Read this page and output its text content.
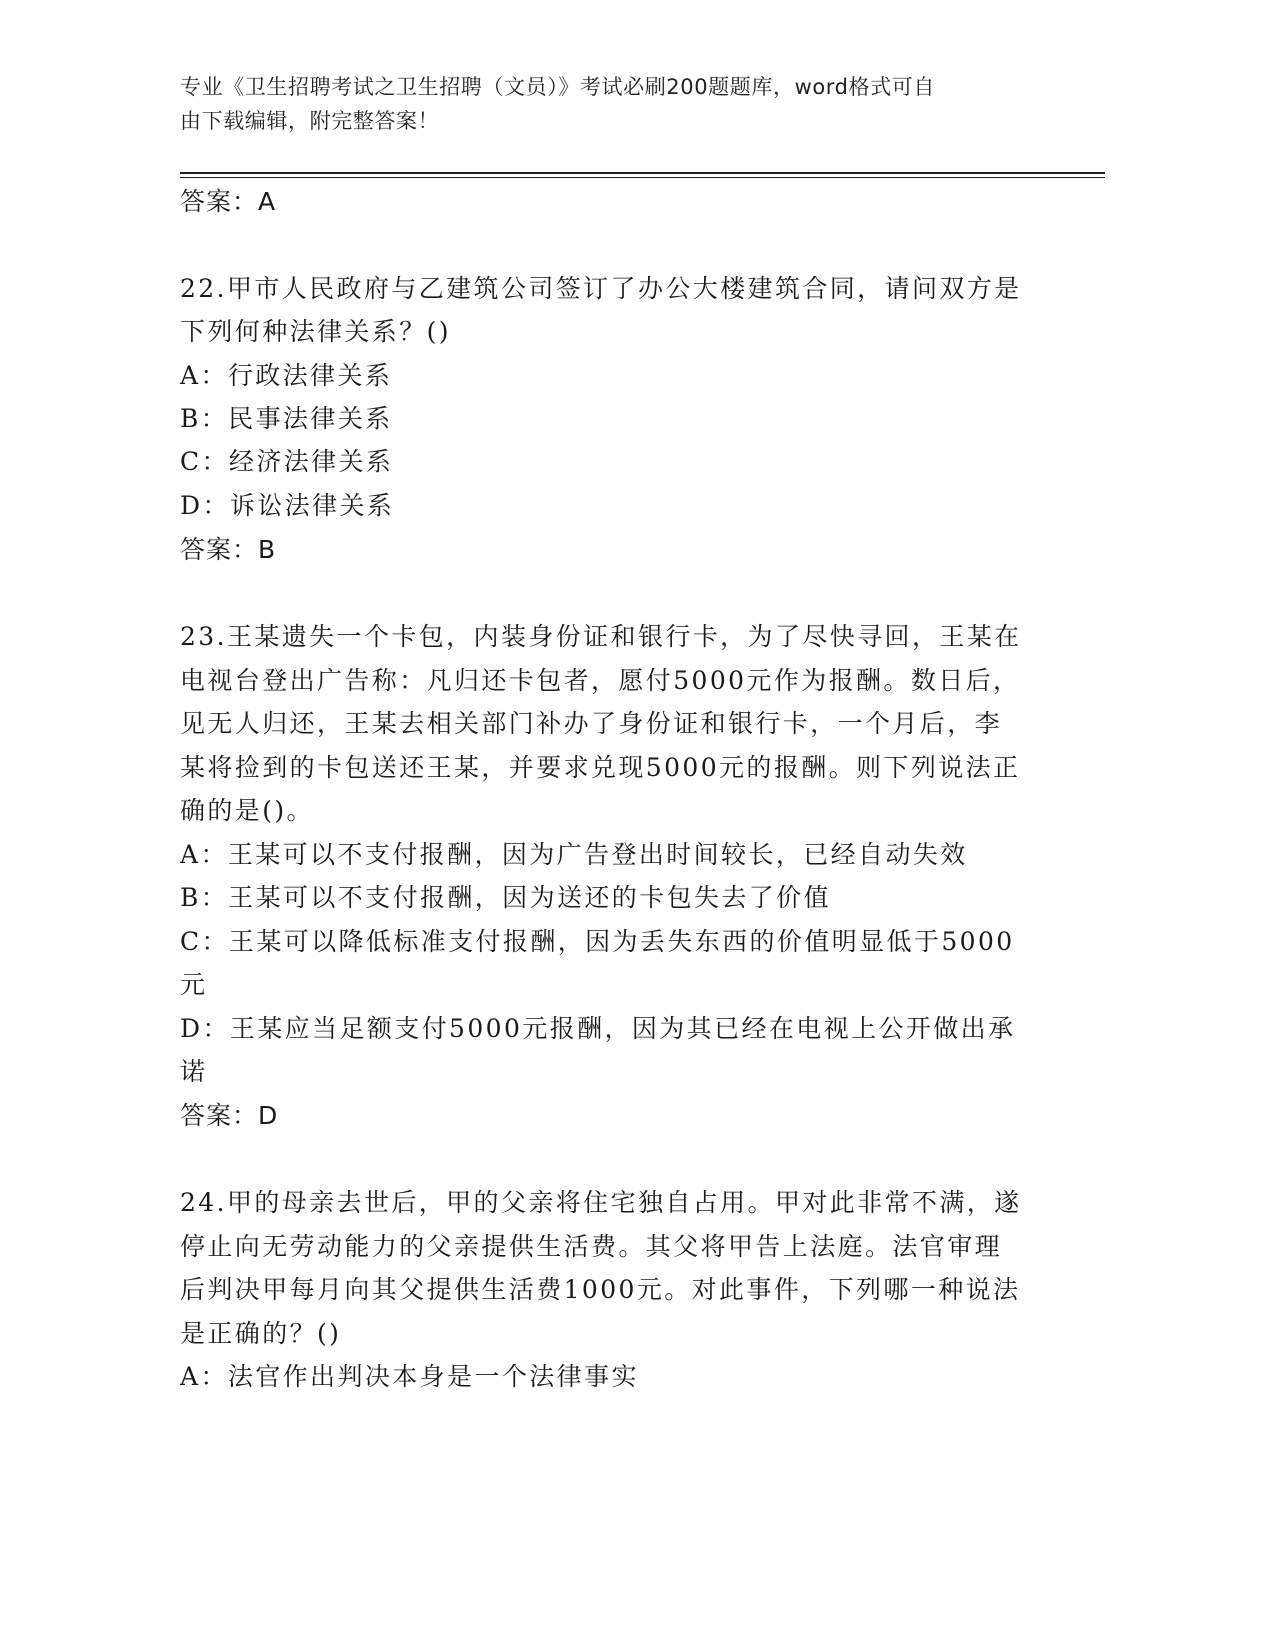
专业《卫生招聘考试之卫生招聘（文员）》考试必刷200题题库，word格式可自
由下载编辑，附完整答案！
答案：A
22.甲市人民政府与乙建筑公司签订了办公大楼建筑合同，请问双方是
下列何种法律关系？()
A：行政法律关系
B：民事法律关系
C：经济法律关系
D：诉讼法律关系
答案：B
23.王某遗失一个卡包，内装身份证和银行卡，为了尽快寻回，王某在
电视台登出广告称：凡归还卡包者，愿付5000元作为报酬。数日后，
见无人归还，王某去相关部门补办了身份证和银行卡，一个月后，李
某将捡到的卡包送还王某，并要求兑现5000元的报酬。则下列说法正
确的是()。
A：王某可以不支付报酬，因为广告登出时间较长，已经自动失效
B：王某可以不支付报酬，因为送还的卡包失去了价值
C：王某可以降低标准支付报酬，因为丢失东西的价值明显低于5000
元
D：王某应当足额支付5000元报酬，因为其已经在电视上公开做出承
诺
答案：D
24.甲的母亲去世后，甲的父亲将住宅独自占用。甲对此非常不满，遂
停止向无劳动能力的父亲提供生活费。其父将甲告上法庭。法官审理
后判决甲每月向其父提供生活费1000元。对此事件，下列哪一种说法
是正确的？()
A：法官作出判决本身是一个法律事实
